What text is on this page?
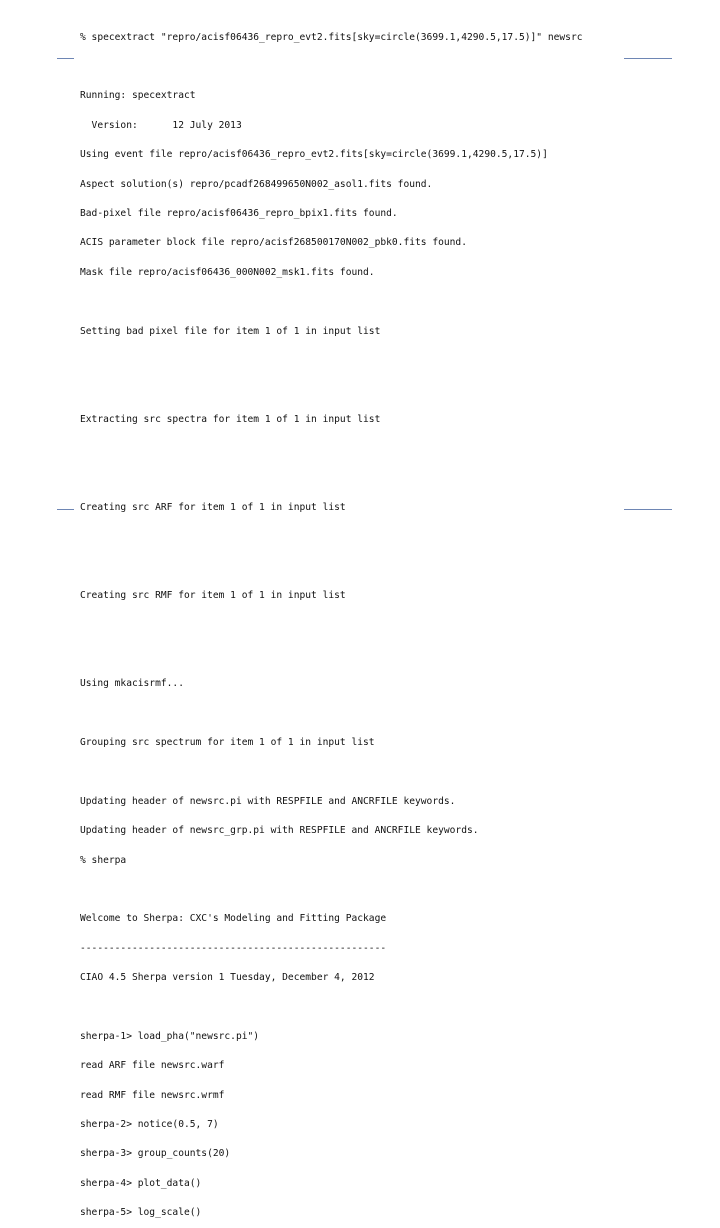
% specextract "repro/acisf06436_repro_evt2.fits[sky=circle(3699.1,4290.5,17.5)]" newsrc

Running: specextract

Version:      12 July 2013

Using event file repro/acisf06436_repro_evt2.fits[sky=circle(3699.1,4290.5,17.5)]

Aspect solution(s) repro/pcadf268499650N002_asol1.fits found.

Bad-pixel file repro/acisf06436_repro_bpix1.fits found.

ACIS parameter block file repro/acisf268500170N002_pbk0.fits found.

Mask file repro/acisf06436_000N002_msk1.fits found.

Setting bad pixel file for item 1 of 1 in input list

Extracting src spectra for item 1 of 1 in input list

Creating src ARF for item 1 of 1 in input list

Creating src RMF for item 1 of 1 in input list

Using mkacisrmf...

Grouping src spectrum for item 1 of 1 in input list

Updating header of newsrc.pi with RESPFILE and ANCRFILE keywords.

Updating header of newsrc_grp.pi with RESPFILE and ANCRFILE keywords.

% sherpa

Welcome to Sherpa: CXC's Modeling and Fitting Package

-----------------------------------------------------

CIAO 4.5 Sherpa version 1 Tuesday, December 4, 2012

sherpa-1> load_pha("newsrc.pi")

read ARF file newsrc.warf

read RMF file newsrc.wrmf

sherpa-2> notice(0.5, 7)

sherpa-3> group_counts(20)

sherpa-4> plot_data()

sherpa-5> log_scale()
